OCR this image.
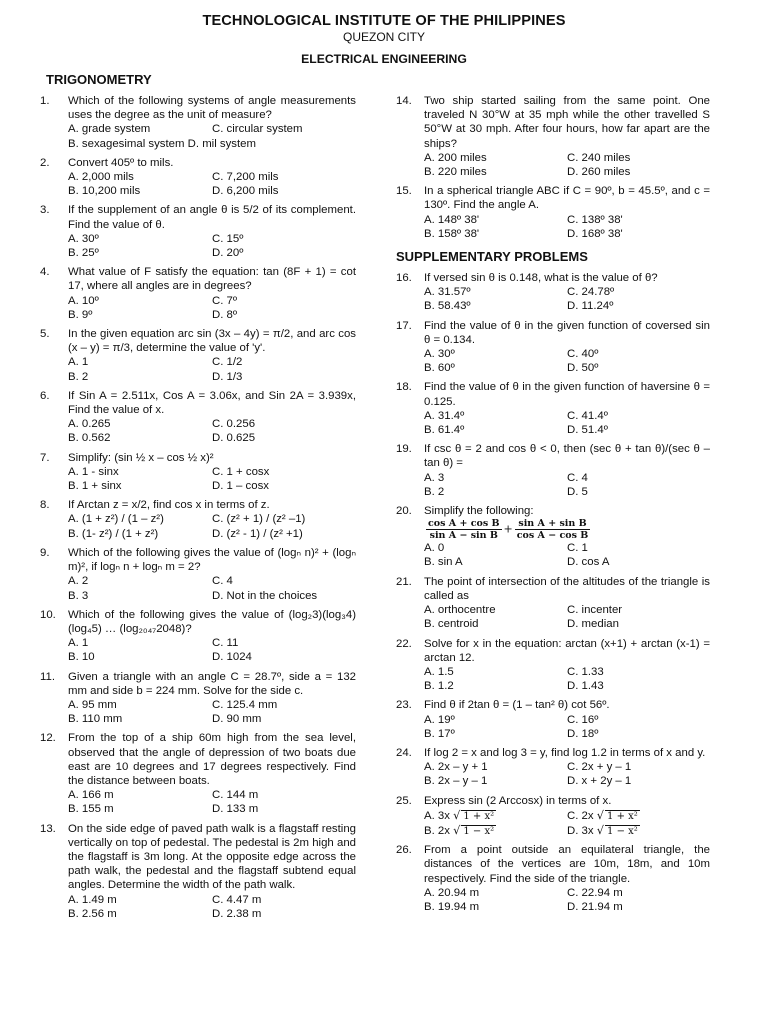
TECHNOLOGICAL INSTITUTE OF THE PHILIPPINES
QUEZON CITY
ELECTRICAL ENGINEERING
TRIGONOMETRY
1.	Which of the following systems of angle measurements uses the degree as the unit of measure?
A. grade system	C. circular system
B. sexagesimal system D. mil system
2.	Convert 405º to mils.
A. 2,000 mils	C. 7,200 mils
B. 10,200 mils	D. 6,200 mils
3.	If the supplement of an angle θ is 5/2 of its complement. Find the value of θ.
A. 30º	C. 15º
B. 25º	D. 20º
4.	What value of F satisfy the equation: tan (8F + 1) = cot 17, where all angles are in degrees?
A. 10º	C. 7º
B. 9º	D. 8º
5.	In the given equation arc sin (3x – 4y) = π/2, and arc cos (x – y) = π/3, determine the value of 'y'.
A. 1	C. 1/2
B. 2	D. 1/3
6.	If Sin A = 2.511x, Cos A = 3.06x, and Sin 2A = 3.939x, Find the value of x.
A. 0.265	C. 0.256
B. 0.562	D. 0.625
7.	Simplify: (sin ½ x – cos ½ x)²
A. 1 - sinx	C. 1 + cosx
B. 1 + sinx	D. 1 – cosx
8.	If Arctan z = x/2, find cos x in terms of z.
A. (1 + z²) / (1 – z²)	C. (z² + 1) / (z² –1)
B. (1- z²) / (1 + z²)	D. (z² - 1) / (z² +1)
9.	Which of the following gives the value of (logₙ n)² + (logₙ m)², if logₙ n + logₙ m = 2?
A. 2	C. 4
B. 3	D. Not in the choices
10.	Which of the following gives the value of (log₂3)(log₃4) (log₄5) … (log₂₀₄₇2048)?
A. 1	C. 11
B. 10	D. 1024
11.	Given a triangle with an angle C = 28.7º, side a = 132 mm and side b = 224 mm. Solve for the side c.
A. 95 mm	C. 125.4 mm
B. 110 mm	D. 90 mm
12.	From the top of a ship 60m high from the sea level, observed that the angle of depression of two boats due east are 10 degrees and 17 degrees respectively. Find the distance between boats.
A. 166 m	C. 144 m
B. 155 m	D. 133 m
13.	On the side edge of paved path walk is a flagstaff resting vertically on top of pedestal. The pedestal is 2m high and the flagstaff is 3m long. At the opposite edge across the path walk, the pedestal and the flagstaff subtend equal angles. Determine the width of the path walk.
A. 1.49 m	C. 4.47 m
B. 2.56 m	D. 2.38 m
14.	Two ship started sailing from the same point. One traveled N 30°W at 35 mph while the other travelled S 50°W at 30 mph. After four hours, how far apart are the ships?
A. 200 miles	C. 240 miles
B. 220 miles	D. 260 miles
15.	In a spherical triangle ABC if C = 90º, b = 45.5º, and c = 130º. Find the angle A.
A. 148º 38'	C. 138º 38'
B. 158º 38'	D. 168º 38'
SUPPLEMENTARY PROBLEMS
16.	If versed sin θ is 0.148, what is the value of θ?
A. 31.57º	C. 24.78º
B. 58.43º	D. 11.24º
17.	Find the value of θ in the given function of coversed sin θ = 0.134.
A. 30º	C. 40º
B. 60º	D. 50º
18.	Find the value of θ in the given function of haversine θ = 0.125.
A. 31.4º	C. 41.4º
B. 61.4º	D. 51.4º
19.	If csc θ = 2 and cos θ < 0, then (sec θ + tan θ)/(sec θ – tan θ) =
A. 3	C. 4
B. 2	D. 5
20.	Simplify the following:
$\frac{\text{cos A + cos B}}{\text{sin A − sin B}} + \frac{\text{sin A + sin B}}{\text{cos A − cos B}}$
A. 0	C. 1
B. sin A	D. cos A
21.	The point of intersection of the altitudes of the triangle is called as
A. orthocentre	C. incenter
B. centroid	D. median
22.	Solve for x in the equation: arctan (x+1) + arctan (x-1) = arctan 12.
A. 1.5	C. 1.33
B. 1.2	D. 1.43
23.	Find θ if 2tan θ = (1 – tan² θ) cot 56º.
A. 19º	C. 16º
B. 17º	D. 18º
24.	If log 2 = x and log 3 = y, find log 1.2 in terms of x and y.
A. 2x – y + 1	C. 2x + y – 1
B. 2x – y – 1	D. x + 2y – 1
25.	Express sin (2 Arccosx) in terms of x.
A. 3x √ 1 + x²	C. 2x √ 1 + x²
B. 2x √ 1 − x²	D. 3x √ 1 − x²
26.	From a point outside an equilateral triangle, the distances of the vertices are 10m, 18m, and 10m respectively. Find the side of the triangle.
A. 20.94 m	C. 22.94 m
B. 19.94 m	D. 21.94 m
